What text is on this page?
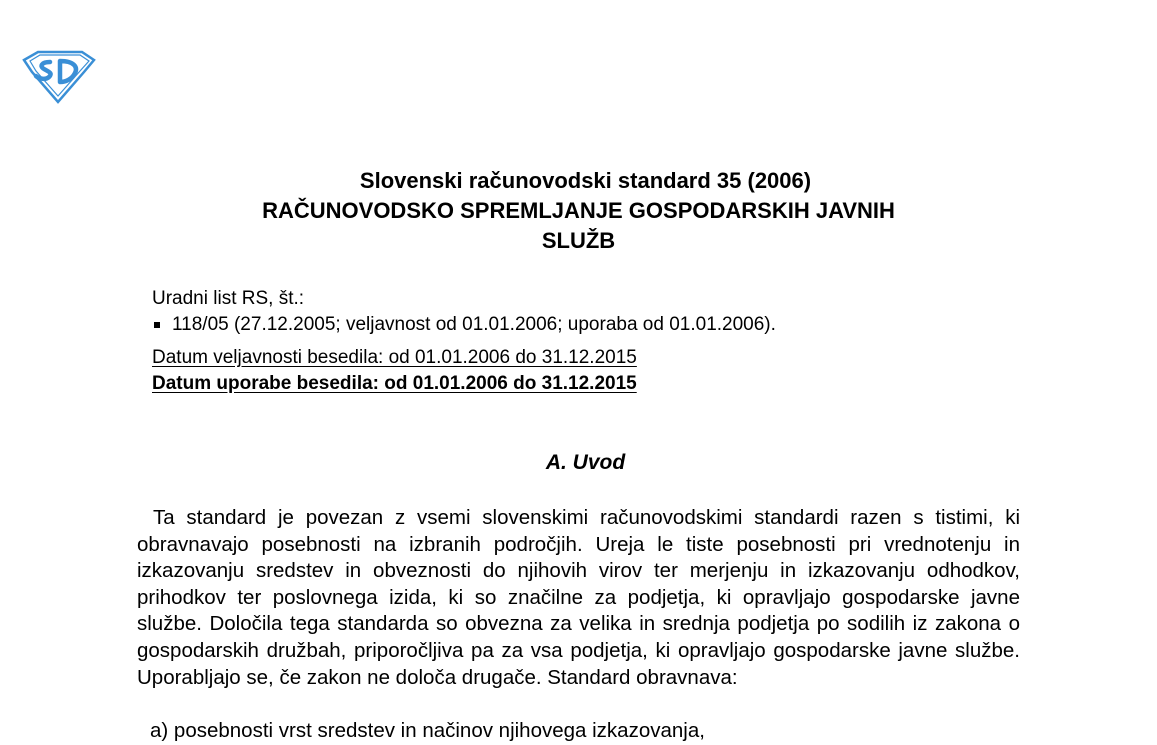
Slovenski računovodski standard 35 (2006)
RAČUNOVODSKO SPREMLJANJE GOSPODARSKIH JAVNIH
SLUŽB
Uradni list RS, št.:
118/05 (27.12.2005; veljavnost od 01.01.2006; uporaba od 01.01.2006).
Datum veljavnosti besedila: od 01.01.2006 do 31.12.2015
Datum uporabe besedila: od 01.01.2006 do 31.12.2015
A. Uvod

Ta standard je povezan z vsemi slovenskimi računovodskimi standardi razen s tistimi, ki obravnavajo posebnosti na izbranih področjih. Ureja le tiste posebnosti pri vrednotenju in izkazovanju sredstev in obveznosti do njihovih virov ter merjenju in izkazovanju odhodkov, prihodkov ter poslovnega izida, ki so značilne za podjetja, ki opravljajo gospodarske javne službe. Določila tega standarda so obvezna za velika in srednja podjetja po sodilih iz zakona o gospodarskih družbah, priporočljiva pa za vsa podjetja, ki opravljajo gospodarske javne službe. Uporabljajo se, če zakon ne določa drugače. Standard obravnava:

a) posebnosti vrst sredstev in načinov njihovega izkazovanja,
